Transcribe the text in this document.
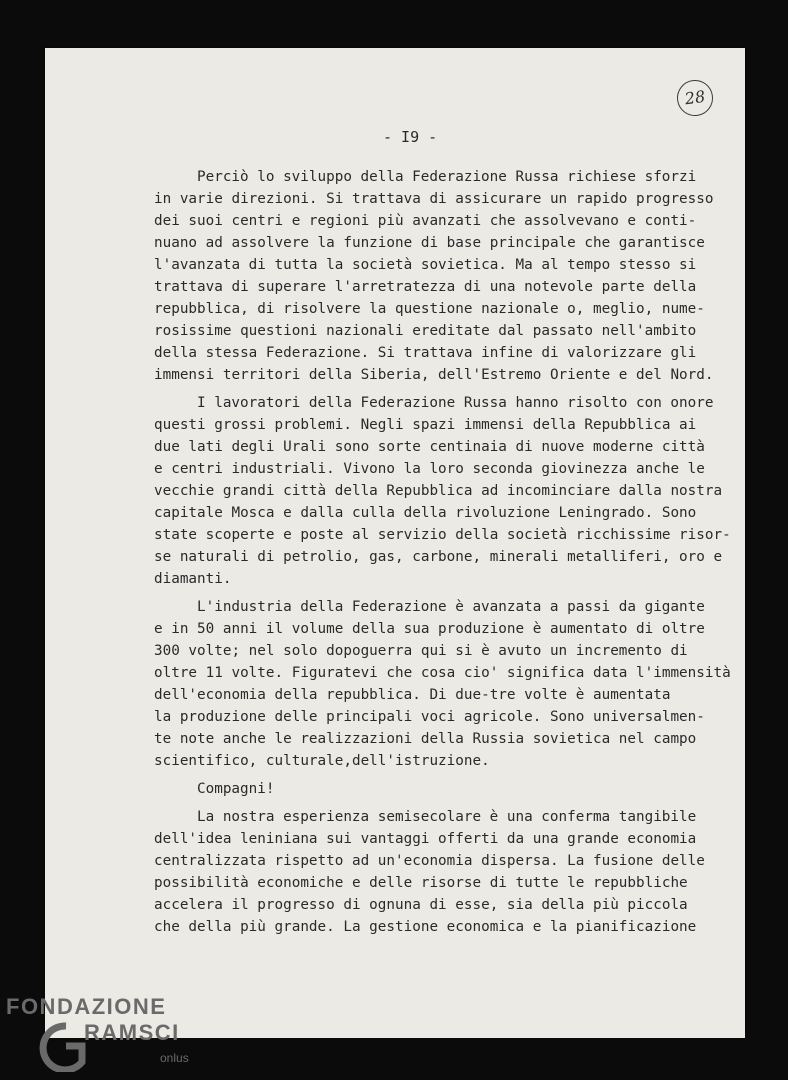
28
- I9 -
Perciò lo sviluppo della Federazione Russa richiese sforzi
in varie direzioni. Si trattava di assicurare un rapido progresso
dei suoi centri e regioni più avanzati che assolvevano e conti-
nuano ad assolvere la funzione di base principale che garantisce
l'avanzata di tutta la società sovietica. Ma al tempo stesso si
trattava di superare l'arretratezza di una notevole parte della
repubblica, di risolvere la questione nazionale o, meglio, nume-
rosissime questioni nazionali ereditate dal passato nell'ambito
della stessa Federazione. Si trattava infine di valorizzare gli
immensi territori della Siberia, dell'Estremo Oriente e del Nord.
I lavoratori della Federazione Russa hanno risolto con onore
questi grossi problemi. Negli spazi immensi della Repubblica ai
due lati degli Urali sono sorte centinaia di nuove moderne città
e centri industriali. Vivono la loro seconda giovinezza anche le
vecchie grandi città della Repubblica ad incominciare dalla nostra
capitale Mosca e dalla culla della rivoluzione Leningrado. Sono
state scoperte e poste al servizio della società ricchissime risor-
se naturali di petrolio, gas, carbone, minerali metalliferi, oro e
diamanti.
L'industria della Federazione è avanzata a passi da gigante
e in 50 anni il volume della sua produzione è aumentato di oltre
300 volte; nel solo dopoguerra qui si è avuto un incremento di
oltre 11 volte. Figuratevi che cosa cio' significa data l'immensità
dell'economia della repubblica. Di due-tre volte è aumentata
la produzione delle principali voci agricole. Sono universalmen-
te note anche le realizzazioni della Russia sovietica nel campo
scientifico, culturale,dell'istruzione.
Compagni!
La nostra esperienza semisecolare è una conferma tangibile
dell'idea leniniana sui vantaggi offerti da una grande economia
centralizzata rispetto ad un'economia dispersa. La fusione delle
possibilità economiche e delle risorse di tutte le repubbliche
accelera il progresso di ognuna di esse, sia della più piccola
che della più grande. La gestione economica e la pianificazione
FONDAZIONE
RAMSCI
onlus
